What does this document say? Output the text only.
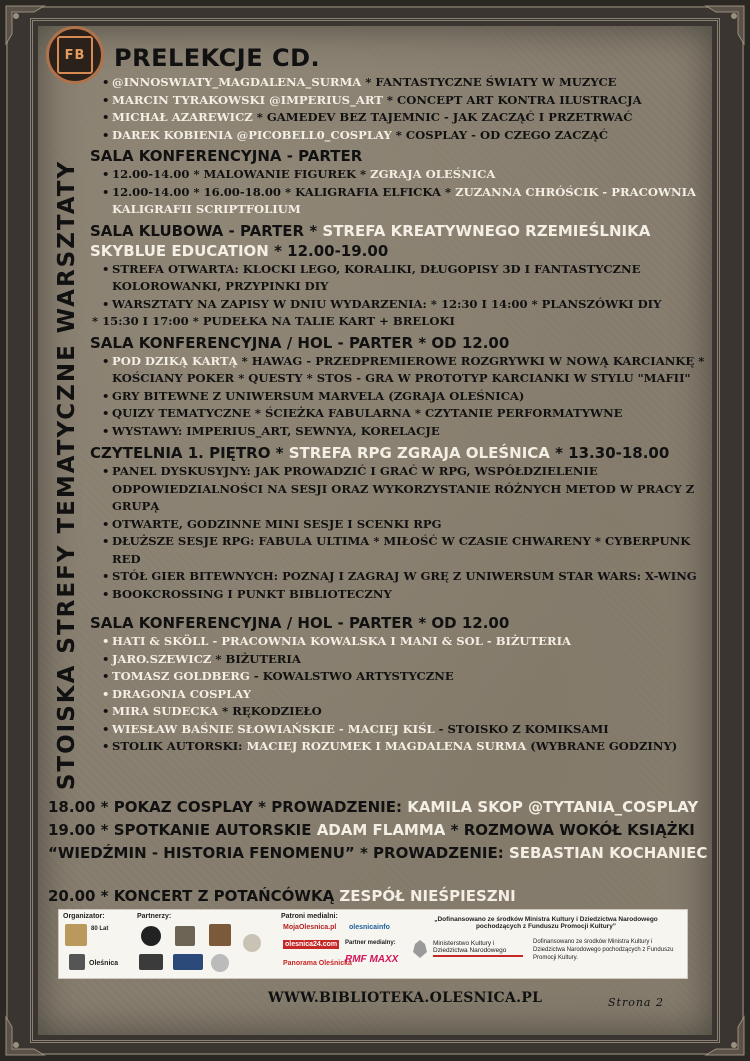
FB	PRELEKCJE CD.
STOISKA STREFY TEMATYCZNE WARSZTATY
• @INNOSWIATY_MAGDALENA_SURMA * FANTASTYCZNE ŚWIATY W MUZYCE
• MARCIN TYRAKOWSKI @IMPERIUS_ART * CONCEPT ART KONTRA ILUSTRACJA
• MICHAŁ AZAREWICZ * GAMEDEV BEZ TAJEMNIC - JAK ZACZĄĆ I PRZETRWAĆ
• DAREK KOBIENIA @PICOBELL0_COSPLAY * COSPLAY - OD CZEGO ZACZĄĆ

SALA KONFERENCYJNA - PARTER

• 12.00-14.00 * MALOWANIE FIGUREK * ZGRAJA OLEŚNICA
• 12.00-14.00 * 16.00-18.00 * KALIGRAFIA ELFICKA * ZUZANNA CHRÓŚCIK - PRACOWNIA KALIGRAFII SCRIPTFOLIUM

SALA KLUBOWA - PARTER * STREFA KREATYWNEGO RZEMIEŚLNIKA SKYBLUE EDUCATION * 12.00-19.00

• STREFA OTWARTA: KLOCKI LEGO, KORALIKI, DŁUGOPISY 3D I FANTASTYCZNE KOLOROWANKI, PRZYPINKI DIY
• WARSZTATY NA ZAPISY W DNIU WYDARZENIA: * 12:30 I 14:00 * PLANSZÓWKI DIY
* 15:30 I 17:00 * PUDEŁKA NA TALIE KART + BRELOKI

SALA KONFERENCYJNA / HOL - PARTER * OD 12.00

• POD DZIKĄ KARTĄ * HAWAG - PRZEDPREMIEROWE ROZGRYWKI W NOWĄ KARCIANKĘ * KOŚCIANY POKER * QUESTY * STOS - GRA W PROTOTYP KARCIANKI W STYLU "MAFII"
• GRY BITEWNE Z UNIWERSUM MARVELA (ZGRAJA OLEŚNICA)
• QUIZY TEMATYCZNE * ŚCIEŻKA FABULARNA * CZYTANIE PERFORMATYWNE
• WYSTAWY: IMPERIUS_ART, SEWNYA, KORELACJE

CZYTELNIA 1. PIĘTRO * STREFA RPG ZGRAJA OLEŚNICA * 13.30-18.00

• PANEL DYSKUSYJNY: JAK PROWADZIĆ I GRAĆ W RPG, WSPÓŁDZIELENIE ODPOWIEDZIALNOŚCI NA SESJI ORAZ WYKORZYSTANIE RÓŻNYCH METOD W PRACY Z GRUPĄ
• OTWARTE, GODZINNE MINI SESJE I SCENKI RPG
• DŁUŻSZE SESJE RPG: FABULA ULTIMA * MIŁOŚĆ W CZASIE CHWARENY * CYBERPUNK RED
• STÓŁ GIER BITEWNYCH: POZNAJ I ZAGRAJ W GRĘ Z UNIWERSUM STAR WARS: X-WING
• BOOKCROSSING I PUNKT BIBLIOTECZNY

SALA KONFERENCYJNA / HOL - PARTER * OD 12.00

• HATI & SKÖLL - PRACOWNIA KOWALSKA I MANI & SOL - BIŻUTERIA
• JARO.SZEWICZ * BIŻUTERIA
• TOMASZ GOLDBERG - KOWALSTWO ARTYSTYCZNE
• DRAGONIA COSPLAY
• MIRA SUDECKA * RĘKODZIEŁO
• WIESŁAW BAŚNIE SŁOWIAŃSKIE - MACIEJ KIŚL - STOISKO Z KOMIKSAMI
• STOLIK AUTORSKI: MACIEJ ROZUMEK I MAGDALENA SURMA (WYBRANE GODZINY)
18.00 * POKAZ COSPLAY * PROWADZENIE: KAMILA SKOP @TYTANIA_COSPLAY
19.00 * SPOTKANIE AUTORSKIE ADAM FLAMMA * ROZMOWA WOKÓŁ KSIĄŻKI “WIEDŹMIN - HISTORIA FENOMENU” * PROWADZENIE: SEBASTIAN KOCHANIEC
20.00 * KONCERT Z POTAŃCÓWKĄ ZESPÓŁ NIEŚPIESZNI
Organizator:
80 Lat
Oleśnica
Partnerzy:	Patroni medialni:
MojaOlesnica.pl olesnicainfo
olesnica24.com	Partner medialny:
Panorama Oleśnicka
RMF MAXX
„Dofinansowano ze środków Ministra Kultury i Dziedzictwa Narodowego pochodzących z Funduszu Promocji Kultury”
Ministerstwo Kultury i Dziedzictwa Narodowego
Dofinansowano ze środków Ministra Kultury i Dziedzictwa Narodowego pochodzących z Funduszu Promocji Kultury.
WWW.BIBLIOTEKA.OLESNICA.PL	Strona 2
